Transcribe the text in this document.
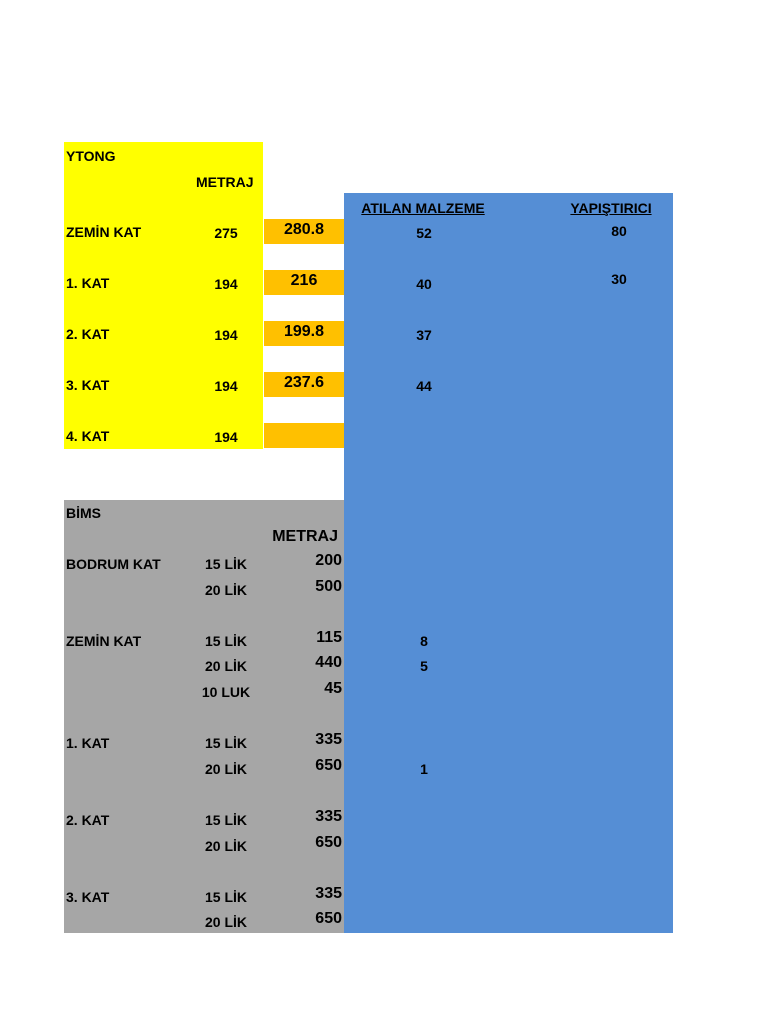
YTONG
METRAJ
ATILAN MALZEME	YAPIŞTIRICI
ZEMİN KAT	275	280.8	52	80
1. KAT	194	216	40	30
2. KAT	194	199.8	37
3. KAT	194	237.6	44
4. KAT	194
BİMS
METRAJ
BODRUM KAT	15 LİK	200
20 LİK	500
ZEMİN KAT	15 LİK	115	8
20 LİK	440	5
10 LUK	45
1. KAT	15 LİK	335
20 LİK	650	1
2. KAT	15 LİK	335
20 LİK	650
3. KAT	15 LİK	335
20 LİK	650
